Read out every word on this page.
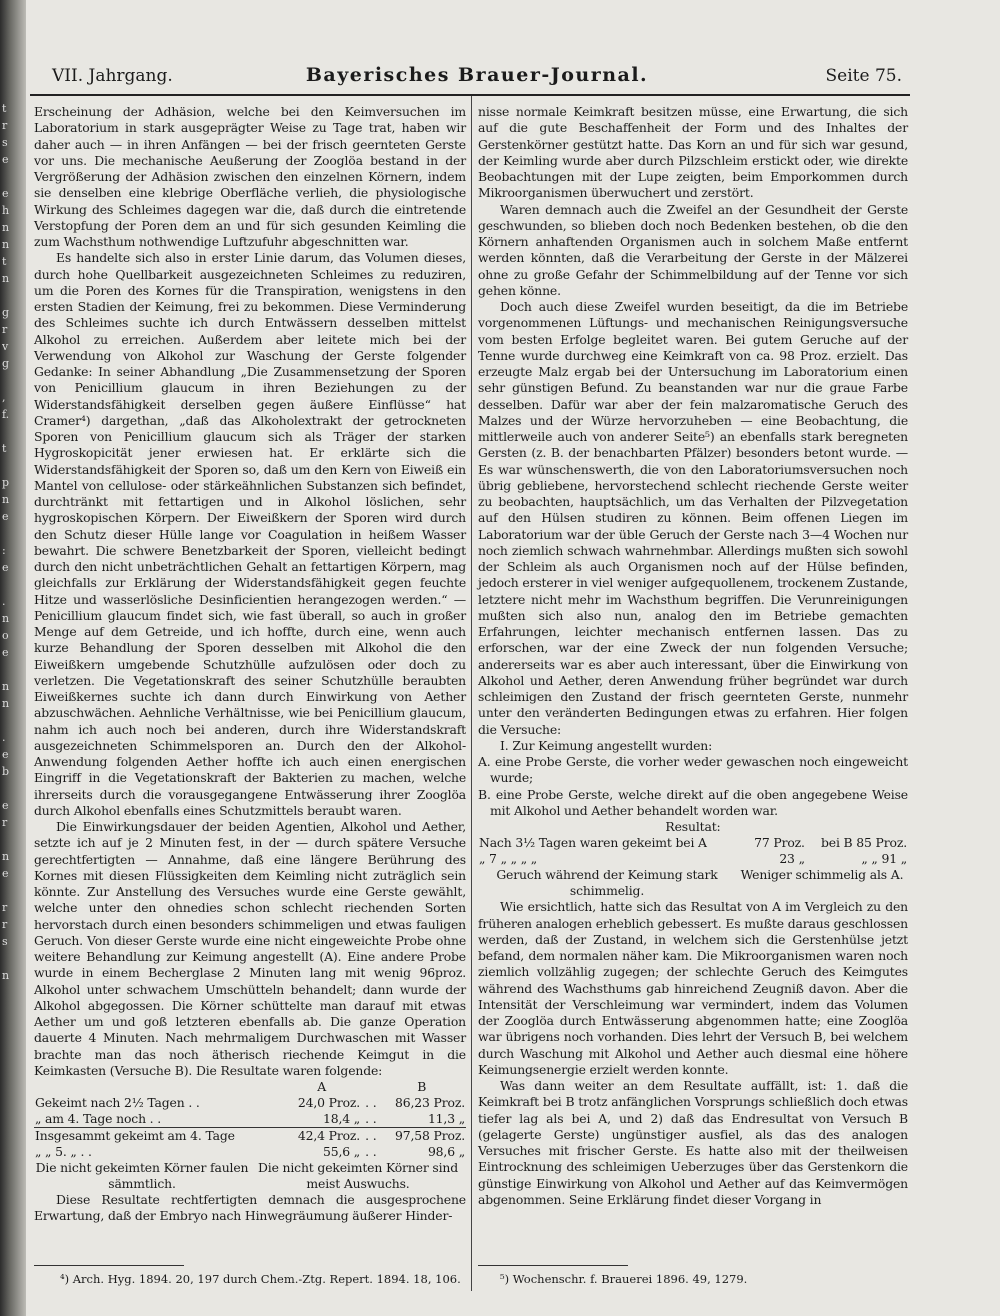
t
r
s
e

e
h
n
n
t
n

g
r
v
g

,
f.

t

p
n
e

:
e

.
n
o
e

n
n

.
e
b

e
r

n
e

r
r
s

n
VII. Jahrgang.	Bayerisches Brauer-Journal.	Seite 75.

Erscheinung der Adhäsion, welche bei den Keimversuchen im Laboratorium in stark ausgeprägter Weise zu Tage trat, haben wir daher auch — in ihren Anfängen — bei der frisch geernteten Gerste vor uns. Die mechanische Aeußerung der Zooglöa bestand in der Vergrößerung der Adhäsion zwischen den einzelnen Körnern, indem sie denselben eine klebrige Oberfläche verlieh, die physiologische Wirkung des Schleimes dagegen war die, daß durch die eintretende Verstopfung der Poren dem an und für sich gesunden Keimling die zum Wachsthum nothwendige Luftzufuhr abgeschnitten war.

Es handelte sich also in erster Linie darum, das Volumen dieses, durch hohe Quellbarkeit ausgezeichneten Schleimes zu reduziren, um die Poren des Kornes für die Transpiration, wenigstens in den ersten Stadien der Keimung, frei zu bekommen. Diese Verminderung des Schleimes suchte ich durch Entwässern desselben mittelst Alkohol zu erreichen. Außerdem aber leitete mich bei der Verwendung von Alkohol zur Waschung der Gerste folgender Gedanke: In seiner Abhandlung „Die Zusammensetzung der Sporen von Penicillium glaucum in ihren Beziehungen zu der Widerstandsfähigkeit derselben gegen äußere Einflüsse“ hat Cramer⁴) dargethan, „daß das Alkoholextrakt der getrockneten Sporen von Penicillium glaucum sich als Träger der starken Hygroskopicität jener erwiesen hat. Er erklärte sich die Widerstandsfähigkeit der Sporen so, daß um den Kern von Eiweiß ein Mantel von cellulose- oder stärkeähnlichen Substanzen sich befindet, durchtränkt mit fettartigen und in Alkohol löslichen, sehr hygroskopischen Körpern. Der Eiweißkern der Sporen wird durch den Schutz dieser Hülle lange vor Coagulation in heißem Wasser bewahrt. Die schwere Benetzbarkeit der Sporen, vielleicht bedingt durch den nicht unbeträchtlichen Gehalt an fettartigen Körpern, mag gleichfalls zur Erklärung der Widerstandsfähigkeit gegen feuchte Hitze und wasserlösliche Desinficientien herangezogen werden.“ — Penicillium glaucum findet sich, wie fast überall, so auch in großer Menge auf dem Getreide, und ich hoffte, durch eine, wenn auch kurze Behandlung der Sporen desselben mit Alkohol die den Eiweißkern umgebende Schutzhülle aufzulösen oder doch zu verletzen. Die Vegetationskraft des seiner Schutzhülle beraubten Eiweißkernes suchte ich dann durch Einwirkung von Aether abzuschwächen. Aehnliche Verhältnisse, wie bei Penicillium glaucum, nahm ich auch noch bei anderen, durch ihre Widerstandskraft ausgezeichneten Schimmelsporen an. Durch den der Alkohol-Anwendung folgenden Aether hoffte ich auch einen energischen Eingriff in die Vegetationskraft der Bakterien zu machen, welche ihrerseits durch die vorausgegangene Entwässerung ihrer Zooglöa durch Alkohol ebenfalls eines Schutzmittels beraubt waren.

Die Einwirkungsdauer der beiden Agentien, Alkohol und Aether, setzte ich auf je 2 Minuten fest, in der — durch spätere Versuche gerechtfertigten — Annahme, daß eine längere Berührung des Kornes mit diesen Flüssigkeiten dem Keimling nicht zuträglich sein könnte. Zur Anstellung des Versuches wurde eine Gerste gewählt, welche unter den ohnedies schon schlecht riechenden Sorten hervorstach durch einen besonders schimmeligen und etwas fauligen Geruch. Von dieser Gerste wurde eine nicht eingeweichte Probe ohne weitere Behandlung zur Keimung angestellt (A). Eine andere Probe wurde in einem Becherglase 2 Minuten lang mit wenig 96proz. Alkohol unter schwachem Umschütteln behandelt; dann wurde der Alkohol abgegossen. Die Körner schüttelte man darauf mit etwas Aether um und goß letzteren ebenfalls ab. Die ganze Operation dauerte 4 Minuten. Nach mehrmaligem Durchwaschen mit Wasser brachte man das noch ätherisch riechende Keimgut in die Keimkasten (Versuche B). Die Resultate waren folgende:

	A		B
Gekeimt nach 2½ Tagen . .	24,0 Proz.	. .	86,23 Proz.
„ am 4. Tage noch . .	18,4 „	. .	11,3 „
Insgesammt gekeimt am 4. Tage	42,4 Proz.	. .	97,58 Proz.
„ „ 5. „ . .	55,6 „	. .	98,6 „
Die nicht gekeimten Körner faulen sämmtlich.	Die nicht gekeimten Körner sind meist Auswuchs.

Diese Resultate rechtfertigten demnach die ausgesprochene Erwartung, daß der Embryo nach Hinwegräumung äußerer Hinder-

nisse normale Keimkraft besitzen müsse, eine Erwartung, die sich auf die gute Beschaffenheit der Form und des Inhaltes der Gerstenkörner gestützt hatte. Das Korn an und für sich war gesund, der Keimling wurde aber durch Pilzschleim erstickt oder, wie direkte Beobachtungen mit der Lupe zeigten, beim Emporkommen durch Mikroorganismen überwuchert und zerstört.

Waren demnach auch die Zweifel an der Gesundheit der Gerste geschwunden, so blieben doch noch Bedenken bestehen, ob die den Körnern anhaftenden Organismen auch in solchem Maße entfernt werden könnten, daß die Verarbeitung der Gerste in der Mälzerei ohne zu große Gefahr der Schimmelbildung auf der Tenne vor sich gehen könne.

Doch auch diese Zweifel wurden beseitigt, da die im Betriebe vorgenommenen Lüftungs- und mechanischen Reinigungsversuche vom besten Erfolge begleitet waren. Bei gutem Geruche auf der Tenne wurde durchweg eine Keimkraft von ca. 98 Proz. erzielt. Das erzeugte Malz ergab bei der Untersuchung im Laboratorium einen sehr günstigen Befund. Zu beanstanden war nur die graue Farbe desselben. Dafür war aber der fein malzaromatische Geruch des Malzes und der Würze hervorzuheben — eine Beobachtung, die mittlerweile auch von anderer Seite⁵) an ebenfalls stark beregneten Gersten (z. B. der benachbarten Pfälzer) besonders betont wurde. — Es war wünschenswerth, die von den Laboratoriumsversuchen noch übrig gebliebene, hervorstechend schlecht riechende Gerste weiter zu beobachten, hauptsächlich, um das Verhalten der Pilzvegetation auf den Hülsen studiren zu können. Beim offenen Liegen im Laboratorium war der üble Geruch der Gerste nach 3—4 Wochen nur noch ziemlich schwach wahrnehmbar. Allerdings mußten sich sowohl der Schleim als auch Organismen noch auf der Hülse befinden, jedoch ersterer in viel weniger aufgequollenem, trockenem Zustande, letztere nicht mehr im Wachsthum begriffen. Die Verunreinigungen mußten sich also nun, analog den im Betriebe gemachten Erfahrungen, leichter mechanisch entfernen lassen. Das zu erforschen, war der eine Zweck der nun folgenden Versuche; andererseits war es aber auch interessant, über die Einwirkung von Alkohol und Aether, deren Anwendung früher begründet war durch schleimigen den Zustand der frisch geernteten Gerste, nunmehr unter den veränderten Bedingungen etwas zu erfahren. Hier folgen die Versuche:

I. Zur Keimung angestellt wurden:

A. eine Probe Gerste, die vorher weder gewaschen noch eingeweicht wurde;

B. eine Probe Gerste, welche direkt auf die oben angegebene Weise mit Alkohol und Aether behandelt worden war.

Resultat:

Nach 3½ Tagen waren gekeimt bei A	77 Proz.	bei B 85 Proz.
„ 7 „ „ „ „	23 „	„ „ 91 „
Geruch während der Keimung stark schimmelig.	Weniger schimmelig als A.

Wie ersichtlich, hatte sich das Resultat von A im Vergleich zu den früheren analogen erheblich gebessert. Es mußte daraus geschlossen werden, daß der Zustand, in welchem sich die Gerstenhülse jetzt befand, dem normalen näher kam. Die Mikroorganismen waren noch ziemlich vollzählig zugegen; der schlechte Geruch des Keimgutes während des Wachsthums gab hinreichend Zeugniß davon. Aber die Intensität der Verschleimung war vermindert, indem das Volumen der Zooglöa durch Entwässerung abgenommen hatte; eine Zooglöa war übrigens noch vorhanden. Dies lehrt der Versuch B, bei welchem durch Waschung mit Alkohol und Aether auch diesmal eine höhere Keimungsenergie erzielt werden konnte.

Was dann weiter an dem Resultate auffällt, ist: 1. daß die Keimkraft bei B trotz anfänglichen Vorsprungs schließlich doch etwas tiefer lag als bei A, und 2) daß das Endresultat von Versuch B (gelagerte Gerste) ungünstiger ausfiel, als das des analogen Versuches mit frischer Gerste. Es hatte also mit der theilweisen Eintrocknung des schleimigen Ueberzuges über das Gerstenkorn die günstige Einwirkung von Alkohol und Aether auf das Keimvermögen abgenommen. Seine Erklärung findet dieser Vorgang in

⁴) Arch. Hyg. 1894. 20, 197 durch Chem.-Ztg. Repert. 1894. 18, 106.	⁵) Wochenschr. f. Brauerei 1896. 49, 1279.
